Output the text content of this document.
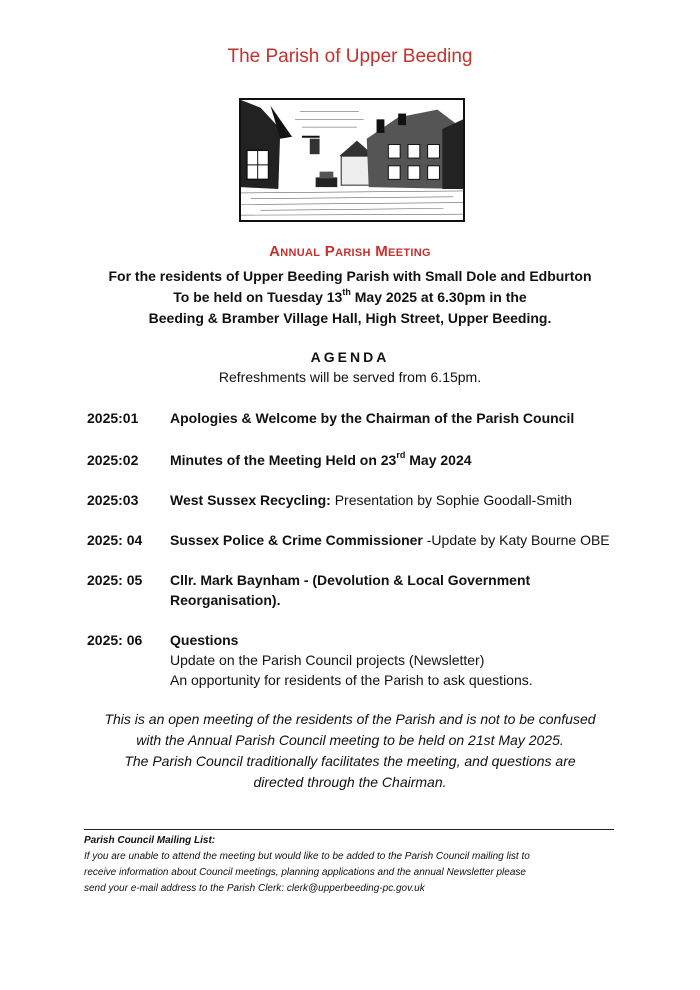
The Parish of Upper Beeding
Annual Parish Meeting
For the residents of Upper Beeding Parish with Small Dole and Edburton
To be held on Tuesday 13th May 2025 at 6.30pm in the
Beeding & Bramber Village Hall, High Street, Upper Beeding.
AGENDA
Refreshments will be served from 6.15pm.
2025:01 Apologies & Welcome by the Chairman of the Parish Council
2025:02 Minutes of the Meeting Held on 23rd May 2024
2025:03 West Sussex Recycling: Presentation by Sophie Goodall-Smith
2025: 04 Sussex Police & Crime Commissioner -Update by Katy Bourne OBE
2025: 05 Cllr. Mark Baynham - (Devolution & Local Government
Reorganisation).
2025: 06 Questions
Update on the Parish Council projects (Newsletter)
An opportunity for residents of the Parish to ask questions.
This is an open meeting of the residents of the Parish and is not to be confused
with the Annual Parish Council meeting to be held on 21st May 2025.
The Parish Council traditionally facilitates the meeting, and questions are
directed through the Chairman.
Parish Council Mailing List:
If you are unable to attend the meeting but would like to be added to the Parish Council mailing list to
receive information about Council meetings, planning applications and the annual Newsletter please
send your e-mail address to the Parish Clerk: clerk@upperbeeding-pc.gov.uk
